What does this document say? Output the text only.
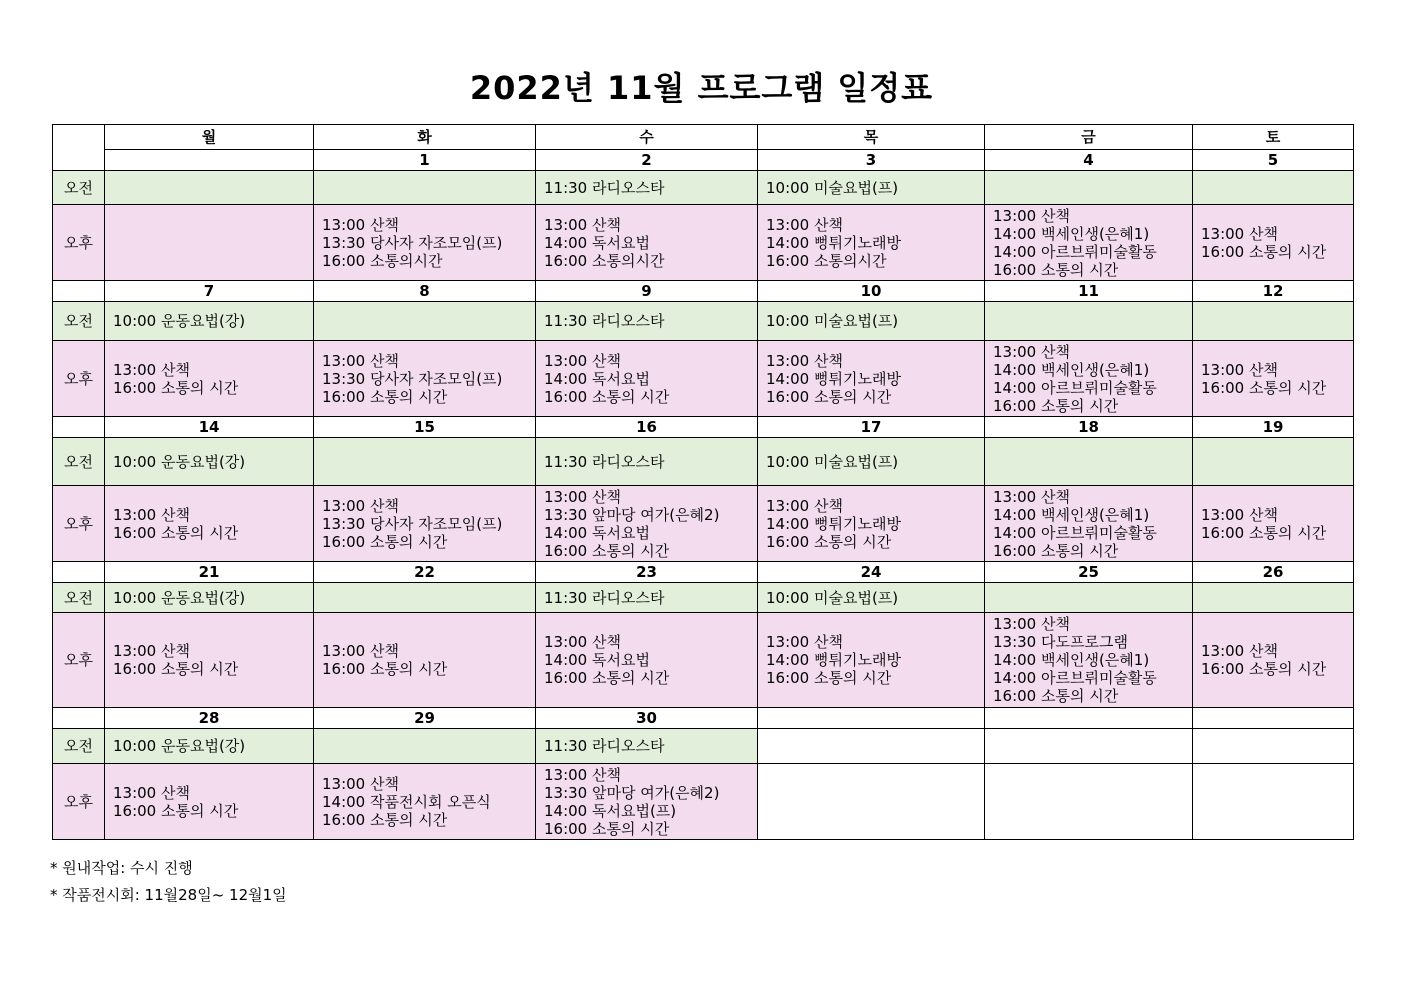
2022년 11월 프로그램 일정표
	월	화	수	목	금	토
		1	2	3	4	5
오전			11:30 라디오스타	10:00 미술요법(프)		

오후		13:00 산책
13:30 당사자 자조모임(프)
16:00 소통의시간	13:00 산책
14:00 독서요법
16:00 소통의시간	13:00 산책
14:00 뻥튀기노래방
16:00 소통의시간	13:00 산책
14:00 백세인생(은혜1)
14:00 아르브뤼미술활동
16:00 소통의 시간	13:00 산책
16:00 소통의 시간

	7	8	9	10	11	12
오전	10:00 운동요법(강)		11:30 라디오스타	10:00 미술요법(프)		

오후	13:00 산책
16:00 소통의 시간	13:00 산책
13:30 당사자 자조모임(프)
16:00 소통의 시간	13:00 산책
14:00 독서요법
16:00 소통의 시간	13:00 산책
14:00 뻥튀기노래방
16:00 소통의 시간	13:00 산책
14:00 백세인생(은혜1)
14:00 아르브뤼미술활동
16:00 소통의 시간	13:00 산책
16:00 소통의 시간

	14	15	16	17	18	19
오전	10:00 운동요법(강)		11:30 라디오스타	10:00 미술요법(프)		

오후	13:00 산책
16:00 소통의 시간	13:00 산책
13:30 당사자 자조모임(프)
16:00 소통의 시간	13:00 산책
13:30 앞마당 여가(은혜2)
14:00 독서요법
16:00 소통의 시간	13:00 산책
14:00 뻥튀기노래방
16:00 소통의 시간	13:00 산책
14:00 백세인생(은혜1)
14:00 아르브뤼미술활동
16:00 소통의 시간	13:00 산책
16:00 소통의 시간

	21	22	23	24	25	26
오전	10:00 운동요법(강)		11:30 라디오스타	10:00 미술요법(프)		

오후	13:00 산책
16:00 소통의 시간	13:00 산책
16:00 소통의 시간	13:00 산책
14:00 독서요법
16:00 소통의 시간	13:00 산책
14:00 뻥튀기노래방
16:00 소통의 시간	13:00 산책
13:30 다도프로그램
14:00 백세인생(은혜1)
14:00 아르브뤼미술활동
16:00 소통의 시간	13:00 산책
16:00 소통의 시간

	28	29	30			
오전	10:00 운동요법(강)		11:30 라디오스타			

오후	13:00 산책
16:00 소통의 시간	13:00 산책
14:00 작품전시회 오픈식
16:00 소통의 시간	13:00 산책
13:30 앞마당 여가(은혜2)
14:00 독서요법(프)
16:00 소통의 시간			

* 원내작업: 수시 진행
* 작품전시회: 11월28일~ 12월1일
